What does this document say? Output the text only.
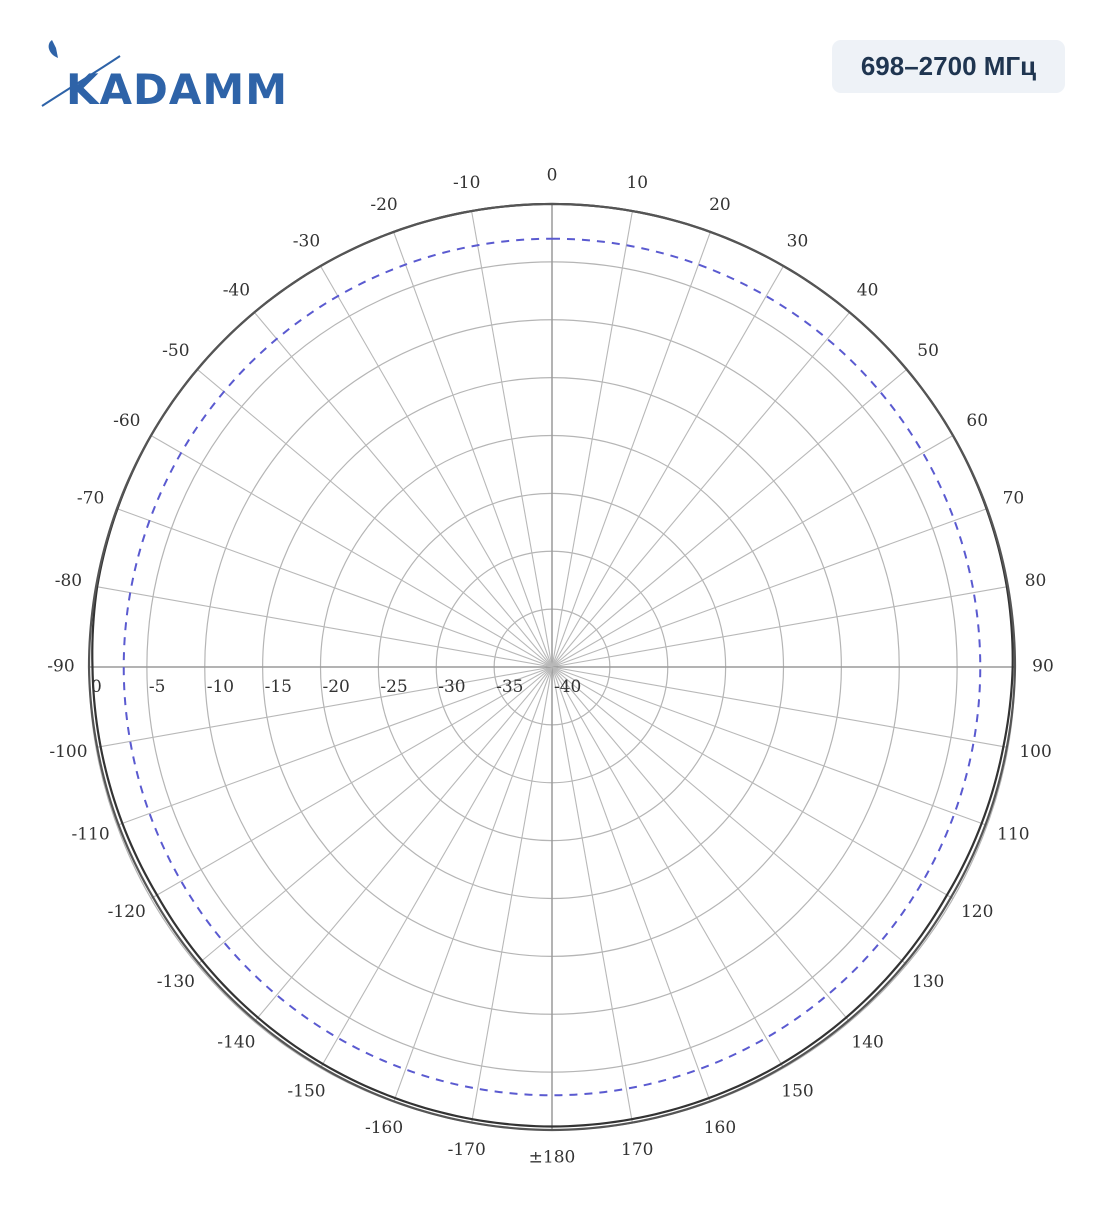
KADAMM	698–2700 МГц
0	10
20
30
40
50
60
70
80
90
100
110
120
130
140
150
160
170
±180
-170
-160
-150
-140
-130
-120
-110
-100
-90
-80
-70
-60
-50
-40
-30
-20
-10
0	-5 -10 -15 -20 -25 -30 -35 -40
